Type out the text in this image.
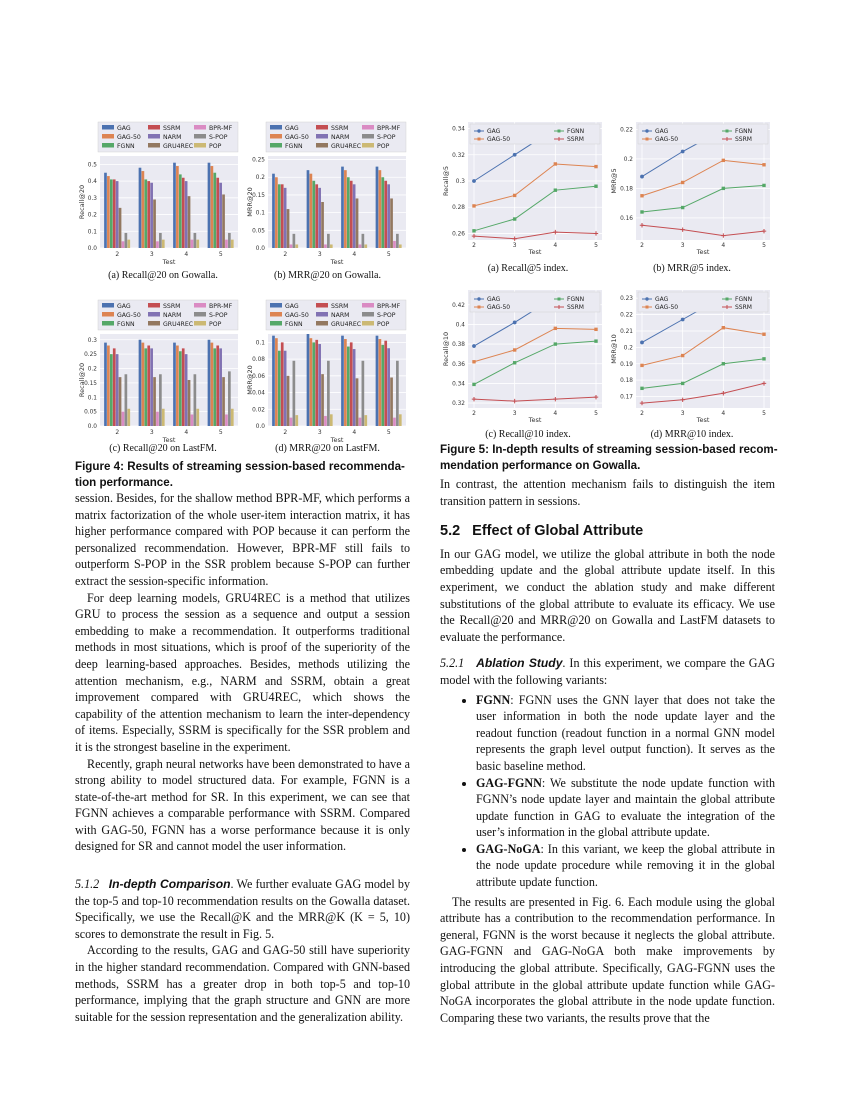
GAG	SSRM	BPR-MF
GAG-50	NARM	S-POP
FGNN	GRU4REC	POP
0.0
0.1
0.2
0.3
0.4
0.5
2	3	4	5
Test
Recall@20
GAG	SSRM	BPR-MF
GAG-50	NARM	S-POP
FGNN	GRU4REC	POP
0.0
0.05
0.1
0.15
0.2
0.25
2	3	4	5
Test
MRR@20
GAG	SSRM	BPR-MF
GAG-50	NARM	S-POP
FGNN	GRU4REC	POP
0.0
0.05
0.1
0.15
0.2
0.25
0.3
2	3	4	5
Test
Recall@20
GAG	SSRM	BPR-MF
GAG-50	NARM	S-POP
FGNN	GRU4REC	POP
0.0
0.02
0.04
0.06
0.08
0.1
2	3	4	5
Test
MRR@20
(a) Recall@20 on Gowalla.	(b) MRR@20 on Gowalla.
(c) Recall@20 on LastFM.	(d) MRR@20 on LastFM.
Figure 4: Results of streaming session-based recommendation performance.
0.26
0.28
0.3
0.32
0.34
2	3	4	5
Test
Recall@5
GAG
GAG-50
FGNN
SSRM
0.16
0.18
0.2
0.22
2	3	4	5
Test
MRR@5
GAG
GAG-50
FGNN
SSRM
0.32
0.34
0.36
0.38
0.4
0.42
2	3	4	5
Test
Recall@10
GAG
GAG-50
FGNN
SSRM
0.17
0.18
0.19
0.2
0.21
0.22
0.23
2	3	4	5
Test
MRR@10
GAG
GAG-50
FGNN
SSRM
(a) Recall@5 index.	(b) MRR@5 index.
(c) Recall@10 index.	(d) MRR@10 index.
Figure 5: In-depth results of streaming session-based recommendation performance on Gowalla.

session. Besides, for the shallow method BPR-MF, which performs a matrix factorization of the whole user-item interaction matrix, it has higher performance compared with POP because it can perform the personalized recommendation. However, BPR-MF still fails to outperform S-POP in the SSR problem because S-POP can further extract the session-specific information.

For deep learning models, GRU4REC is a method that utilizes GRU to process the session as a sequence and output a session embedding to make a recommendation. It outperforms traditional methods in most situations, which is proof of the superiority of the deep learning-based approaches. Besides, methods utilizing the attention mechanism, e.g., NARM and SSRM, obtain a great improvement compared with GRU4REC, which shows the capability of the attention mechanism to learn the inter-dependency of items. Especially, SSRM is specifically for the SSR problem and it is the strongest baseline in the experiment.

Recently, graph neural networks have been demonstrated to have a strong ability to model structured data. For example, FGNN is a state-of-the-art method for SR. In this experiment, we can see that FGNN achieves a comparable performance with SSRM. Compared with GAG-50, FGNN has a worse performance because it is only designed for SR and cannot model the user information.

5.1.2 In-depth Comparison. We further evaluate GAG model by the top-5 and top-10 recommendation results on the Gowalla dataset. Specifically, we use the Recall@K and the MRR@K (K = 5, 10) scores to demonstrate the result in Fig. 5.

According to the results, GAG and GAG-50 still have superiority in the higher standard recommendation. Compared with GNN-based methods, SSRM has a greater drop in both top-5 and top-10 performance, implying that the graph structure and GNN are more suitable for the session representation and the generalization ability.

In contrast, the attention mechanism fails to distinguish the item transition pattern in sessions.

5.2 Effect of Global Attribute

In our GAG model, we utilize the global attribute in both the node embedding update and the global attribute update itself. In this experiment, we conduct the ablation study and make different substitutions of the global attribute to evaluate its efficacy. We use the Recall@20 and MRR@20 on Gowalla and LastFM datasets to evaluate the performance.

5.2.1 Ablation Study. In this experiment, we compare the GAG model with the following variants:

• FGNN: FGNN uses the GNN layer that does not take the user information in both the node update layer and the readout function (readout function in a normal GNN model represents the graph level output function). It serves as the basic baseline method.
• GAG-FGNN: We substitute the node update function with FGNN’s node update layer and maintain the global attribute update function in GAG to evaluate the integration of the user’s information in the global attribute update.
• GAG-NoGA: In this variant, we keep the global attribute in the node update procedure while removing it in the global attribute update function.

The results are presented in Fig. 6. Each module using the global attribute has a contribution to the recommendation performance. In general, FGNN is the worst because it neglects the global attribute. GAG-FGNN and GAG-NoGA both make improvements by introducing the global attribute. Specifically, GAG-FGNN uses the global attribute in the global attribute update function while GAG-NoGA incorporates the global attribute in the node update function. Comparing these two variants, the results prove that the
